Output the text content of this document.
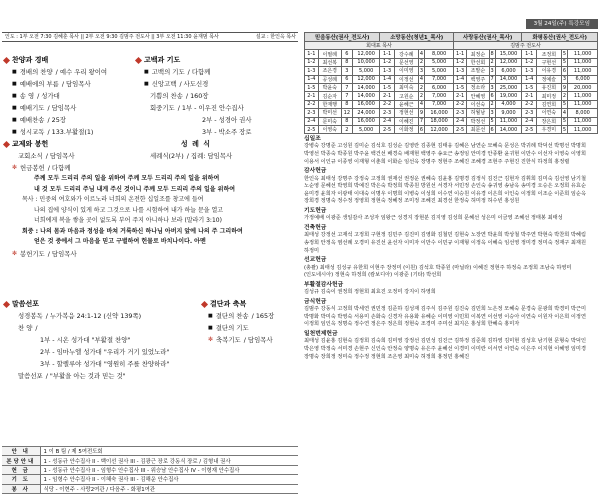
인도 : 1부 오전 7:30 김혜훈 목사 || 2부 오전 9:30 김범주 전도사 || 3부 오전 11:30 윤재범 목사	설교 : 한인옥 목사
찬양과 경배
■ 경배의 찬양 / 예수 우리 왕이여
■ 예배에의 부름 / 담임목사
■ 송 영 / 성가대
■ 예배기도 / 담임목사
■ 예배찬송 / 25장
■ 성시교독 / 133.부활절(1)
고백과 기도
■ 고백의 기도 / 다함께
■ 신앙고백 / 사도신경
기쁨의 찬송 / 160장
회중기도 / 1부 - 이우진 안수집사
2부 - 성경아 권사
3부 - 박소주 장로
성 례 식
세례식(2부) / 집례: 담임목사
교제와 봉헌
교회소식 / 담임목사
✻ 헌금봉헌 / 다함께
주께 모두 드리리 주의 일을 위하여 주께 모두 드리리 주의 일을 위하여
내 것 모두 드리리 주님 내게 주신 것이니 주께 모두 드리리 주의 일을 위하여
목사 : 민중의 여호와가 이르노라 너희의 온전한 십일조를 창고에 들여
나의 집에 양식이 있게 하고 그것으로 나를 시험하여 내가 하늘 문을 열고
너희에게 복을 쌓을 곳이 없도록 부어 주지 아니하나 보라 (말라기 3:10)
회중 : 나의 몸과 마음과 정성을 바쳐 거룩하신 하나님 아버지 앞에 나의 주 그리하여
얻은 것 중에서 그 마음을 믿고 구별하여 헌물로 바치나이다. 아멘
✻ 봉헌기도 / 담임목사
말씀선포
성경봉독 / 누가복음 24:1-12 (신약 139쪽)
찬 양 /
1부 - 시온 성가대 "부활절 찬양"
2부 - 임마누엘 성가대 "우리가 거기 있었노라"
3부 - 할렐루야 성가대 "영원히 주를 찬양하라"
말씀선포 / "부활을 아는 것과 믿는 것"
결단과 축복
■ 결단의 찬송 / 165장
■ 결단의 기도
✻ 축복기도 / 담임목사
안 내	1 이 B 팀 / 제 5여전도회
본당안내	1 - 성동규 안수집사 II - 백이선 권사 III - 김광근 장로 강동식 장로 / 김형내 권사
헌 금	1 - 성동규 안수집사 II - 임형수 안수집사 III - 위승남 안수집사 IV - 이형재 안수집사
기 도	1 - 임형수 안수집사 II - 이혜숙 권사 III - 김해운 안수집사
봉 사	식당 - 이현주 - 사랑2여관 / 다음주 - 화평1여관
3월 24일(주) 특강모임
믿음동산(권사_전도사)				소망동산(청년1_목사)				사랑동산(권사_목사)				화평동산(권사_전도사)			
회대표 목사								김범주 전도사							
1-1	이필례	6	12,000	1-1	강수례	4	8,000	1-1	최정순	8	15,000	1-1	조정희	5	11,000
1-2	최선복	8	10,000	1-2	문선영	2	5,000	1-2	한선회	2	12,000	1-2	구현선	5	11,000
1-3	조은경	3	5,000	1-3	이미영	3	5,000	1-3	조말순	3	6,000	1-3	이유경	6	11,000
1-4	공성례	6	12,000	1-4	이정선	4	7,000	1-4	백영주	7	14,000	1-4	정예슬	3	6,000
1-5	박윤숙	7	14,000	1-5	최미숙	2	6,000	1-5	정소라	3	25,000	1-5	유진희	9	20,000
2-1	김순자	7	14,000	2-1	고원순	2	7,000	2-1	안혜영	6	19,000	2-1	최미정	2	11,000
2-2	한재행	8	16,000	2-2	윤혜근	4	7,000	2-2	이선숙	2	4,000	2-2	김연희	5	11,000
2-3	박미선	12	24,000	2-3	정현선	9	16,000	2-3	허월남	3	9,000	2-3	이연숙	4	8,000
2-4	문미숙	8	16,000	2-4	이혜진	7	18,000	2-4	박정선	5	11,000	2-4	장은희	5	11,000
2-5	이영숙	2	5,000	2-5	이화정	6	12,000	2-5	최문선	6	14,000	2-5	우경미	5	11,000
십일조
강병숙 강명준 고성원 김미순 김석호 김성순 김영란 김종현 김태웅 김혜은 남연순 모혜숙 문성은 박귀례 박덕선 박명선 박명희 박영선 박종숙 박종원 박주윤 백건선 배경숙 배재현 백영주 송요근 송정임 안미경 안종환 윤귀현 이만수 이선자 이영숙 이영희 이용서 이인규 이종영 이재형 이춘희 이화순 임선옥 장명주 정현주 조혜진 조혜경 조현주 주현진 진한식 하정희 홍정렬
감사헌금
한인옥 최태성 강명주 강정숙 고정희 권재선 권정운 권혜숙 김윤홍 김명경 김정식 김진근 김현자 김휘희 김미숙 김선영 남기철 노순영 문혜선 박영희 박예진 박은숙 박정희 박종원 방원선 서경자 서민정 손인숙 송귀영 송남옥 송미경 오승은 오정희 유효순 윤미경 윤희자 이광태 이대숙 이명우 이명희 이병숙 이성희 이수연 이승원 이유경 이은희 이인숙 이정희 이조순 이준희 임순옥 장희경 정명숙 정수정 정영희 정현숙 정혜정 조미정 조혜진 최경선 한정숙 허미정 허수빈 홍성원
기도헌금
가정예배 이광준 생일감사 조성자 임왕근 성경지 장현분 김지영 김성희 문혜선 성은미 이금영 조혜선 정태봉 최태성
건축헌금
최태성 강정선 고재석 고정희 구현정 김민주 김진미 김영화 김철민 김현숙 노장연 박윤희 박상철 박주연 박현숙 박찬희 박혜림 송정희 안정옥 염선례 오경미 유진선 윤선자 이미자 이만수 이민규 이재형 이정옥 이혜숙 임선영 정미경 정미숙 정재구 최재원 하정미
선교헌금
(총괄) 최태성 김성규 유한희 이현주 장정미 (이원) 김석호 박종원 (마닐라) 이혜진 정현주 하정숙 조정희 조남숙 하영미 (인도네시아) 정현숙 하정희 (캄보디아) 이광준 (기타) 박선희
부활절감사헌금
김성규 김숙이 권정희 정현희 최효진 오정미 강지이 하영희
금식헌금
김범주 강동식 고정희 박세연 권민정 김준하 김성재 김주식 김주원 김진숙 김민희 노은정 모혜숙 문경숙 문광희 박경미 박근미 박명화 박미숙 박영숙 서용미 손화숙 신경자 유용화 유혜순 이미영 이민희 이복연 이선영 이승아 이연숙 이원자 이은희 이정연 이정희 임인옥 정명숙 정수연 정은주 정은희 정현숙 조경미 주미선 최지은 홍성희 한혜숙 홍미자
일천번제헌금
최태성 김윤홍 김현숙 김정희 김숙희 김미영 강정선 김민성 김진근 김하정 김준희 김하영 김미현 김성호 남기현 문형숙 박덕인 박은영 박정숙 서미경 손현주 신인숙 안정숙 양명숙 유은주 윤혜선 이경미 이미란 이서연 이연숙 이은주 이지현 이혜영 임미경 장명숙 장희정 정미숙 정수정 정현희 조은영 최미숙 허정희 홍정민 홍혜진
